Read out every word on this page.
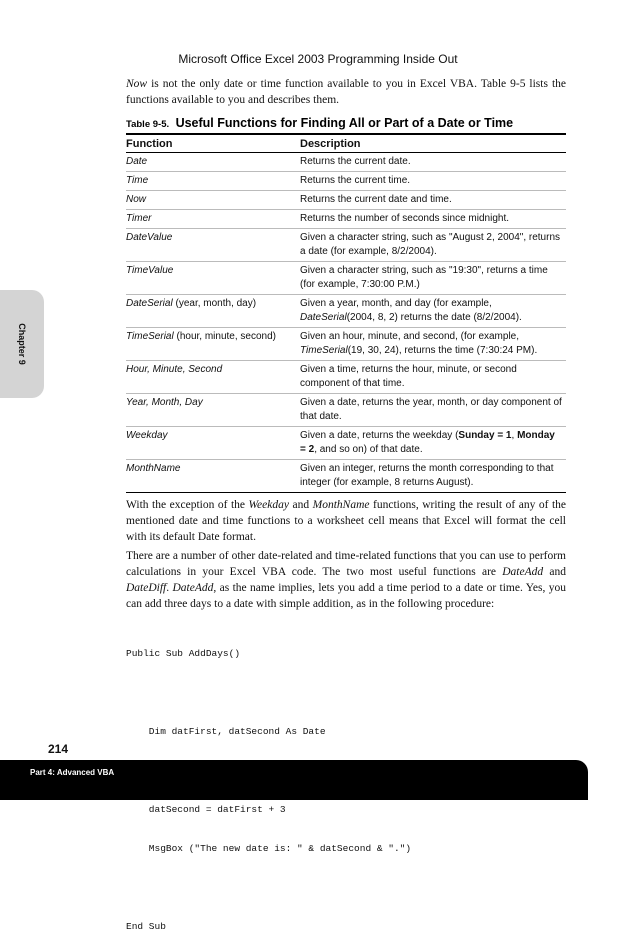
Microsoft Office Excel 2003 Programming Inside Out
Chapter 9

Now is not the only date or time function available to you in Excel VBA. Table 9-5 lists the functions available to you and describes them.

Table 9-5. Useful Functions for Finding All or Part of a Date or Time
Function	Description
Date	Returns the current date.
Time	Returns the current time.
Now	Returns the current date and time.
Timer	Returns the number of seconds since midnight.
DateValue	Given a character string, such as "August 2, 2004", returns a date (for example, 8/2/2004).
TimeValue	Given a character string, such as "19:30", returns a time (for example, 7:30:00 P.M.)
DateSerial (year, month, day)	Given a year, month, and day (for example, DateSerial(2004, 8, 2) returns the date (8/2/2004).
TimeSerial (hour, minute, second)	Given an hour, minute, and second, (for example, TimeSerial(19, 30, 24), returns the time (7:30:24 PM).
Hour, Minute, Second	Given a time, returns the hour, minute, or second component of that time.
Year, Month, Day	Given a date, returns the year, month, or day component of that date.
Weekday	Given a date, returns the weekday (Sunday = 1, Monday = 2, and so on) of that date.
MonthName	Given an integer, returns the month corresponding to that integer (for example, 8 returns August).

With the exception of the Weekday and MonthName functions, writing the result of any of the mentioned date and time functions to a worksheet cell means that Excel will format the cell with its default Date format.

There are a number of other date-related and time-related functions that you can use to perform calculations in your Excel VBA code. The two most useful functions are DateAdd and DateDiff. DateAdd, as the name implies, lets you add a time period to a date or time. Yes, you can add three days to a date with simple addition, as in the following procedure:

Public Sub AddDays()

Dim datFirst, datSecond As Date

datSecond = datFirst + 3

MsgBox ("The new date is: " & datSecond & ".")

End Sub

214
Part 4: Advanced VBA
